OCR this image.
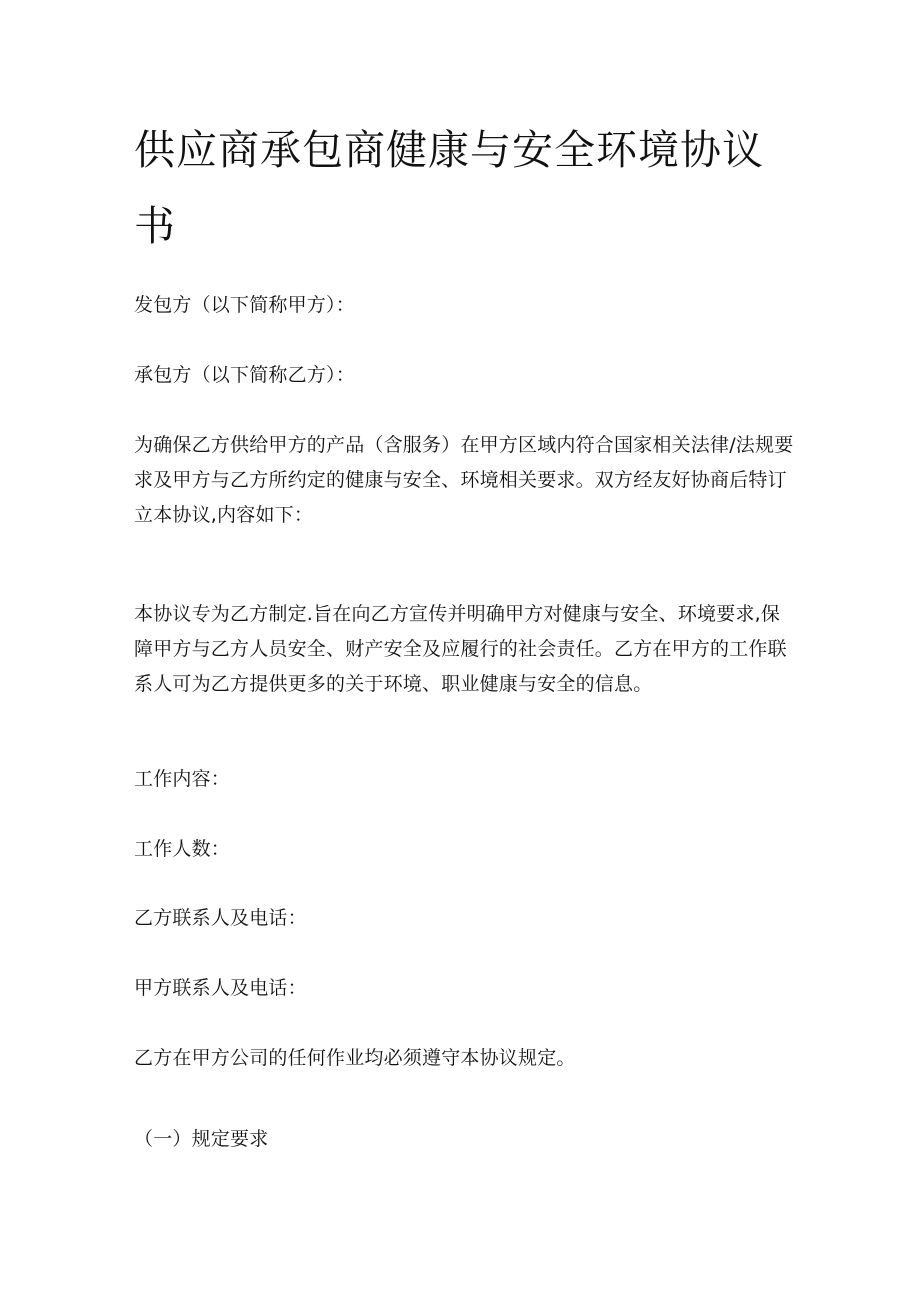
供应商承包商健康与安全环境协议书

发包方（以下简称甲方）：

承包方（以下简称乙方）：

为确保乙方供给甲方的产品（含服务）在甲方区域内符合国家相关法律/法规要求及甲方与乙方所约定的健康与安全、环境相关要求。双方经友好协商后特订立本协议,内容如下：

本协议专为乙方制定.旨在向乙方宣传并明确甲方对健康与安全、环境要求,保障甲方与乙方人员安全、财产安全及应履行的社会责任。乙方在甲方的工作联系人可为乙方提供更多的关于环境、职业健康与安全的信息。

工作内容：

工作人数：

乙方联系人及电话：

甲方联系人及电话：

乙方在甲方公司的任何作业均必须遵守本协议规定。

（一）规定要求
